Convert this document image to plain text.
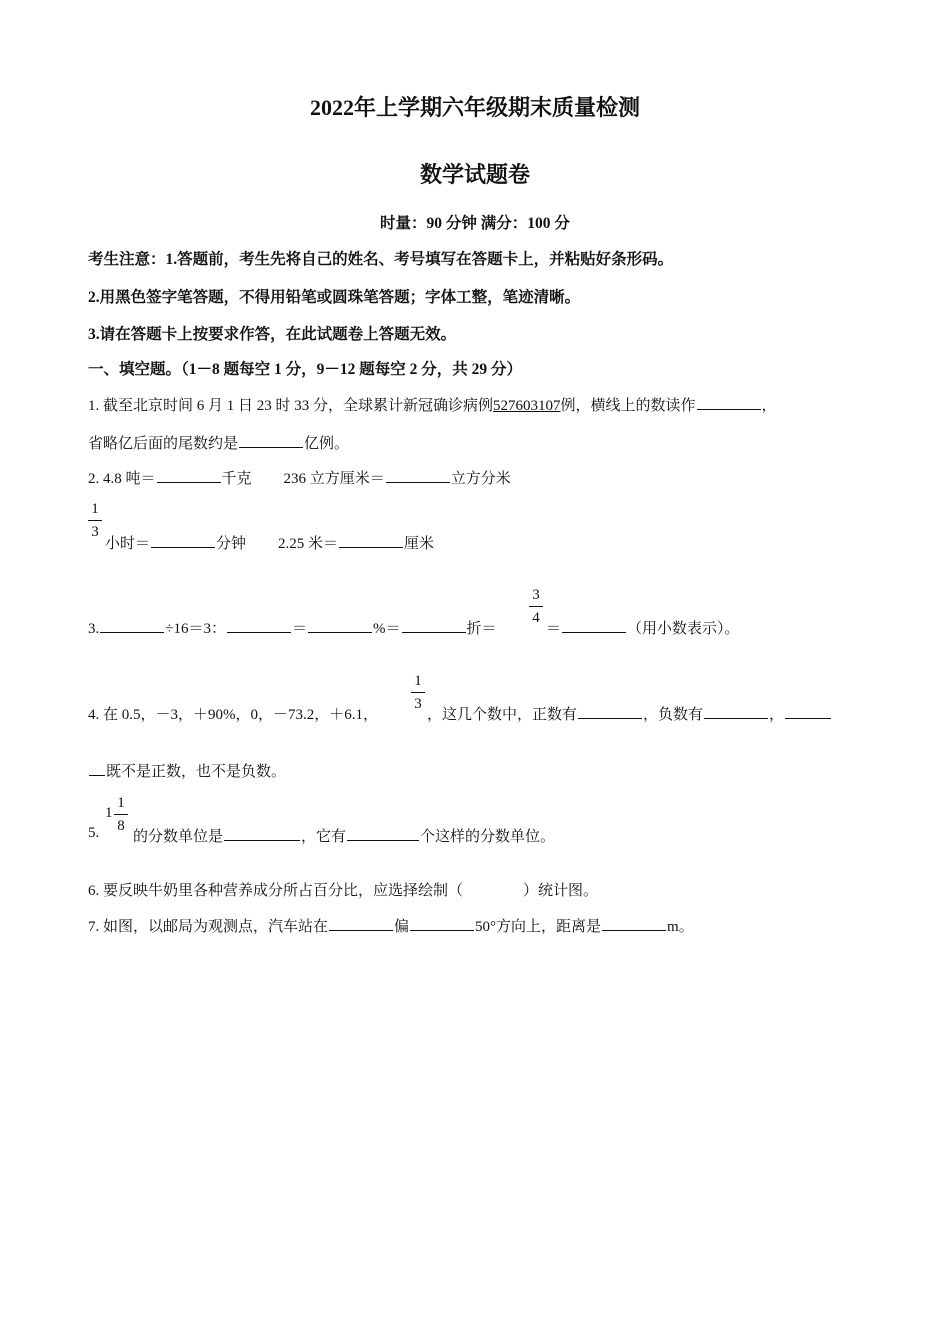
2022年上学期六年级期末质量检测
数学试题卷
时量：90 分钟 满分：100 分
考生注意：1.答题前，考生先将自己的姓名、考号填写在答题卡上，并粘贴好条形码。
2.用黑色签字笔答题，不得用铅笔或圆珠笔答题；字体工整，笔迹清晰。
3.请在答题卡上按要求作答，在此试题卷上答题无效。
一、填空题。（1－8 题每空 1 分，9－12 题每空 2 分，共 29 分）
1. 截至北京时间 6 月 1 日 23 时 33 分，全球累计新冠确诊病例527603107例，横线上的数读作	，
省略亿后面的尾数约是	亿例。
2. 4.8 吨＝	千克 236 立方厘米＝	立方分米
1
3
小时＝	分钟 2.25 米＝	厘米
3.	÷16＝3：	＝	%＝	折＝
3
4
＝	（用小数表示）。
4. 在 0.5，－3，＋90%，0，－73.2，＋6.1，
1
3
，这几个数中，正数有	，负数有	，
既不是正数，也不是负数。
5.
1
1
8
的分数单位是	，它有	个这样的分数单位。
6. 要反映牛奶里各种营养成分所占百分比，应选择绘制（　　　　）统计图。
7. 如图，以邮局为观测点，汽车站在	偏	50°方向上，距离是	m。
